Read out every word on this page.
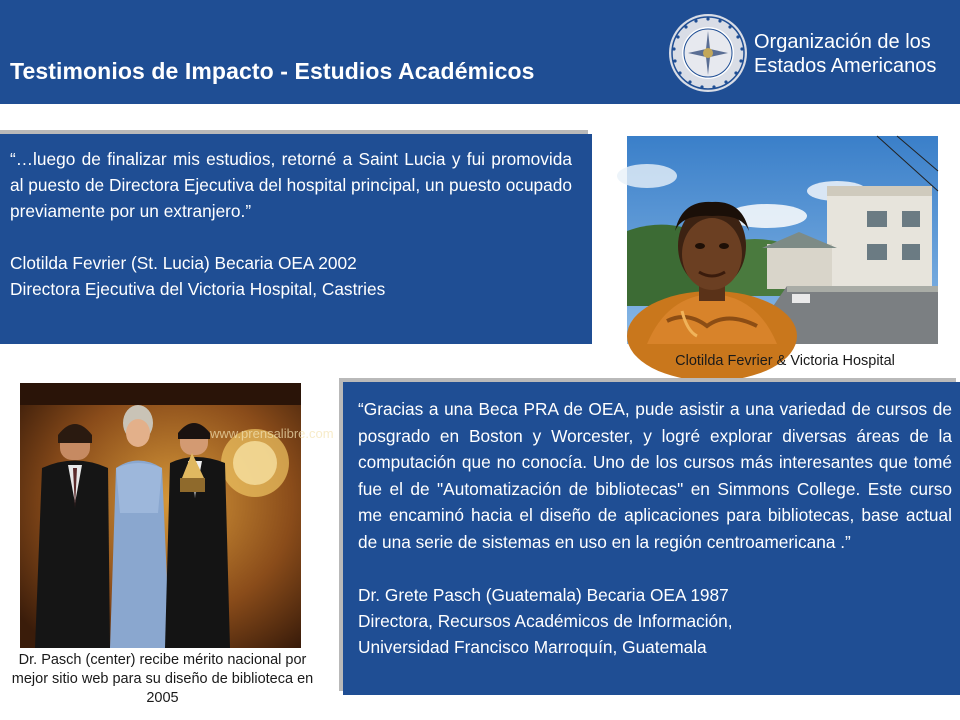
Testimonios de Impacto - Estudios Académicos
Organización de los
Estados Americanos
“…luego de finalizar mis estudios, retorné a Saint Lucia y fui promovida al puesto de Directora Ejecutiva del hospital principal, un puesto ocupado previamente por un extranjero.”
Clotilda Fevrier (St. Lucia) Becaria OEA 2002
Directora Ejecutiva del Victoria Hospital, Castries
Clotilda Fevrier & Victoria Hospital
www.prensalibre.com
Dr. Pasch (center) recibe mérito nacional por mejor sitio web para su diseño de biblioteca en 2005
“Gracias a una Beca PRA de OEA, pude asistir a una variedad de cursos de posgrado en Boston y Worcester, y logré explorar diversas áreas de la computación que no conocía. Uno de los cursos más interesantes que tomé fue el de "Automatización de bibliotecas" en Simmons College. Este curso me encaminó hacia el diseño de aplicaciones para bibliotecas, base actual de una serie de sistemas en uso en la región centroamericana .”
Dr. Grete Pasch (Guatemala) Becaria OEA 1987
Directora, Recursos Académicos de Información,
Universidad Francisco Marroquín, Guatemala
